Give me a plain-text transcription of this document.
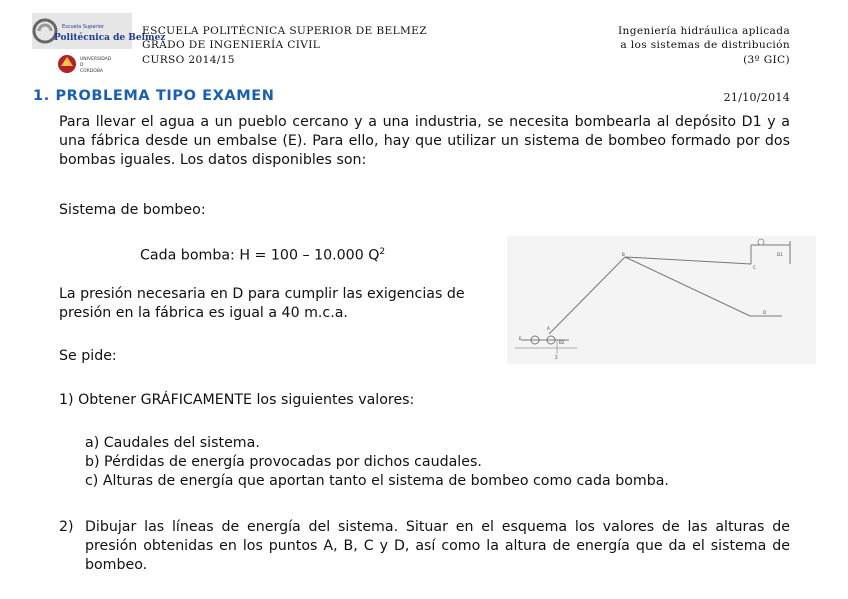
Escuela Superior
Politécnica de Belmez
UNIVERSIDAD
D
CÓRDOBA
ESCUELA POLITÉCNICA SUPERIOR DE BELMEZ
GRADO DE INGENIERÍA CIVIL
CURSO 2014/15
Ingeniería hidráulica aplicada
a los sistemas de distribución
(3º GIC)
1. PROBLEMA TIPO EXAMEN	21/10/2014
Para llevar el agua a un pueblo cercano y a una industria, se necesita bombearla al depósito D1 y a una fábrica desde un embalse (E). Para ello, hay que utilizar un sistema de bombeo formado por dos bombas iguales. Los datos disponibles son:
Sistema de bombeo:
Cada bomba: H = 100 – 10.000 $Q^2$
La presión necesaria en D para cumplir las exigencias de presión en la fábrica es igual a 40 m.c.a.
Se pide:
1) Obtener GRÁFICAMENTE los siguientes valores:
a) Caudales del sistema.
b) Pérdidas de energía provocadas por dichos caudales.
c) Alturas de energía que aportan tanto el sistema de bombeo como cada bomba.
2) Dibujar las líneas de energía del sistema. Situar en el esquema los valores de las alturas de presión obtenidas en los puntos A, B, C y D, así como la altura de energía que da el sistema de bombeo.
B
C
D
D1
A
E
B2
Z
